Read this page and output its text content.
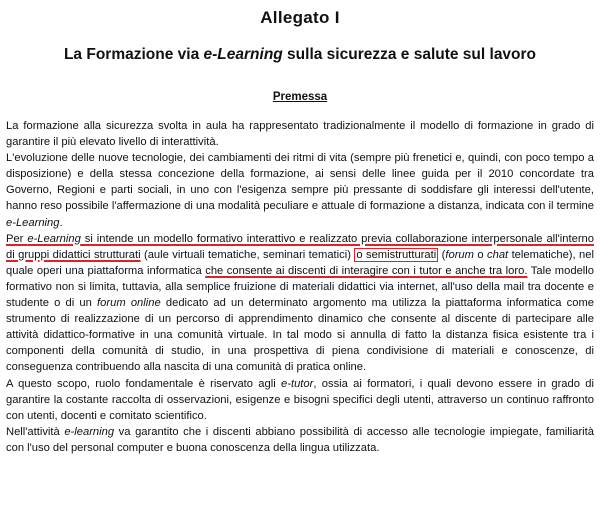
Allegato I
La Formazione via e-Learning sulla sicurezza e salute sul lavoro
Premessa

La formazione alla sicurezza svolta in aula ha rappresentato tradizionalmente il modello di formazione in grado di garantire il più elevato livello di interattività.

L'evoluzione delle nuove tecnologie, dei cambiamenti dei ritmi di vita (sempre più frenetici e, quindi, con poco tempo a disposizione) e della stessa concezione della formazione, ai sensi delle linee guida per il 2010 concordate tra Governo, Regioni e parti sociali, in uno con l'esigenza sempre più pressante di soddisfare gli interessi dell'utente, hanno reso possibile l'affermazione di una modalità peculiare e attuale di formazione a distanza, indicata con il termine e-Learning.

Per e-Learning si intende un modello formativo interattivo e realizzato previa collaborazione interpersonale all'interno di gruppi didattici strutturati (aule virtuali tematiche, seminari tematici) o semistrutturati (forum o chat telematiche), nel quale operi una piattaforma informatica che consente ai discenti di interagire con i tutor e anche tra loro. Tale modello formativo non si limita, tuttavia, alla semplice fruizione di materiali didattici via internet, all'uso della mail tra docente e studente o di un forum online dedicato ad un determinato argomento ma utilizza la piattaforma informatica come strumento di realizzazione di un percorso di apprendimento dinamico che consente al discente di partecipare alle attività didattico-formative in una comunità virtuale. In tal modo si annulla di fatto la distanza fisica esistente tra i componenti della comunità di studio, in una prospettiva di piena condivisione di materiali e conoscenze, di conseguenza contribuendo alla nascita di una comunità di pratica online.

A questo scopo, ruolo fondamentale è riservato agli e-tutor, ossia ai formatori, i quali devono essere in grado di garantire la costante raccolta di osservazioni, esigenze e bisogni specifici degli utenti, attraverso un continuo raffronto con utenti, docenti e comitato scientifico.

Nell'attività e-learning va garantito che i discenti abbiano possibilità di accesso alle tecnologie impiegate, familiarità con l'uso del personal computer e buona conoscenza della lingua utilizzata.
